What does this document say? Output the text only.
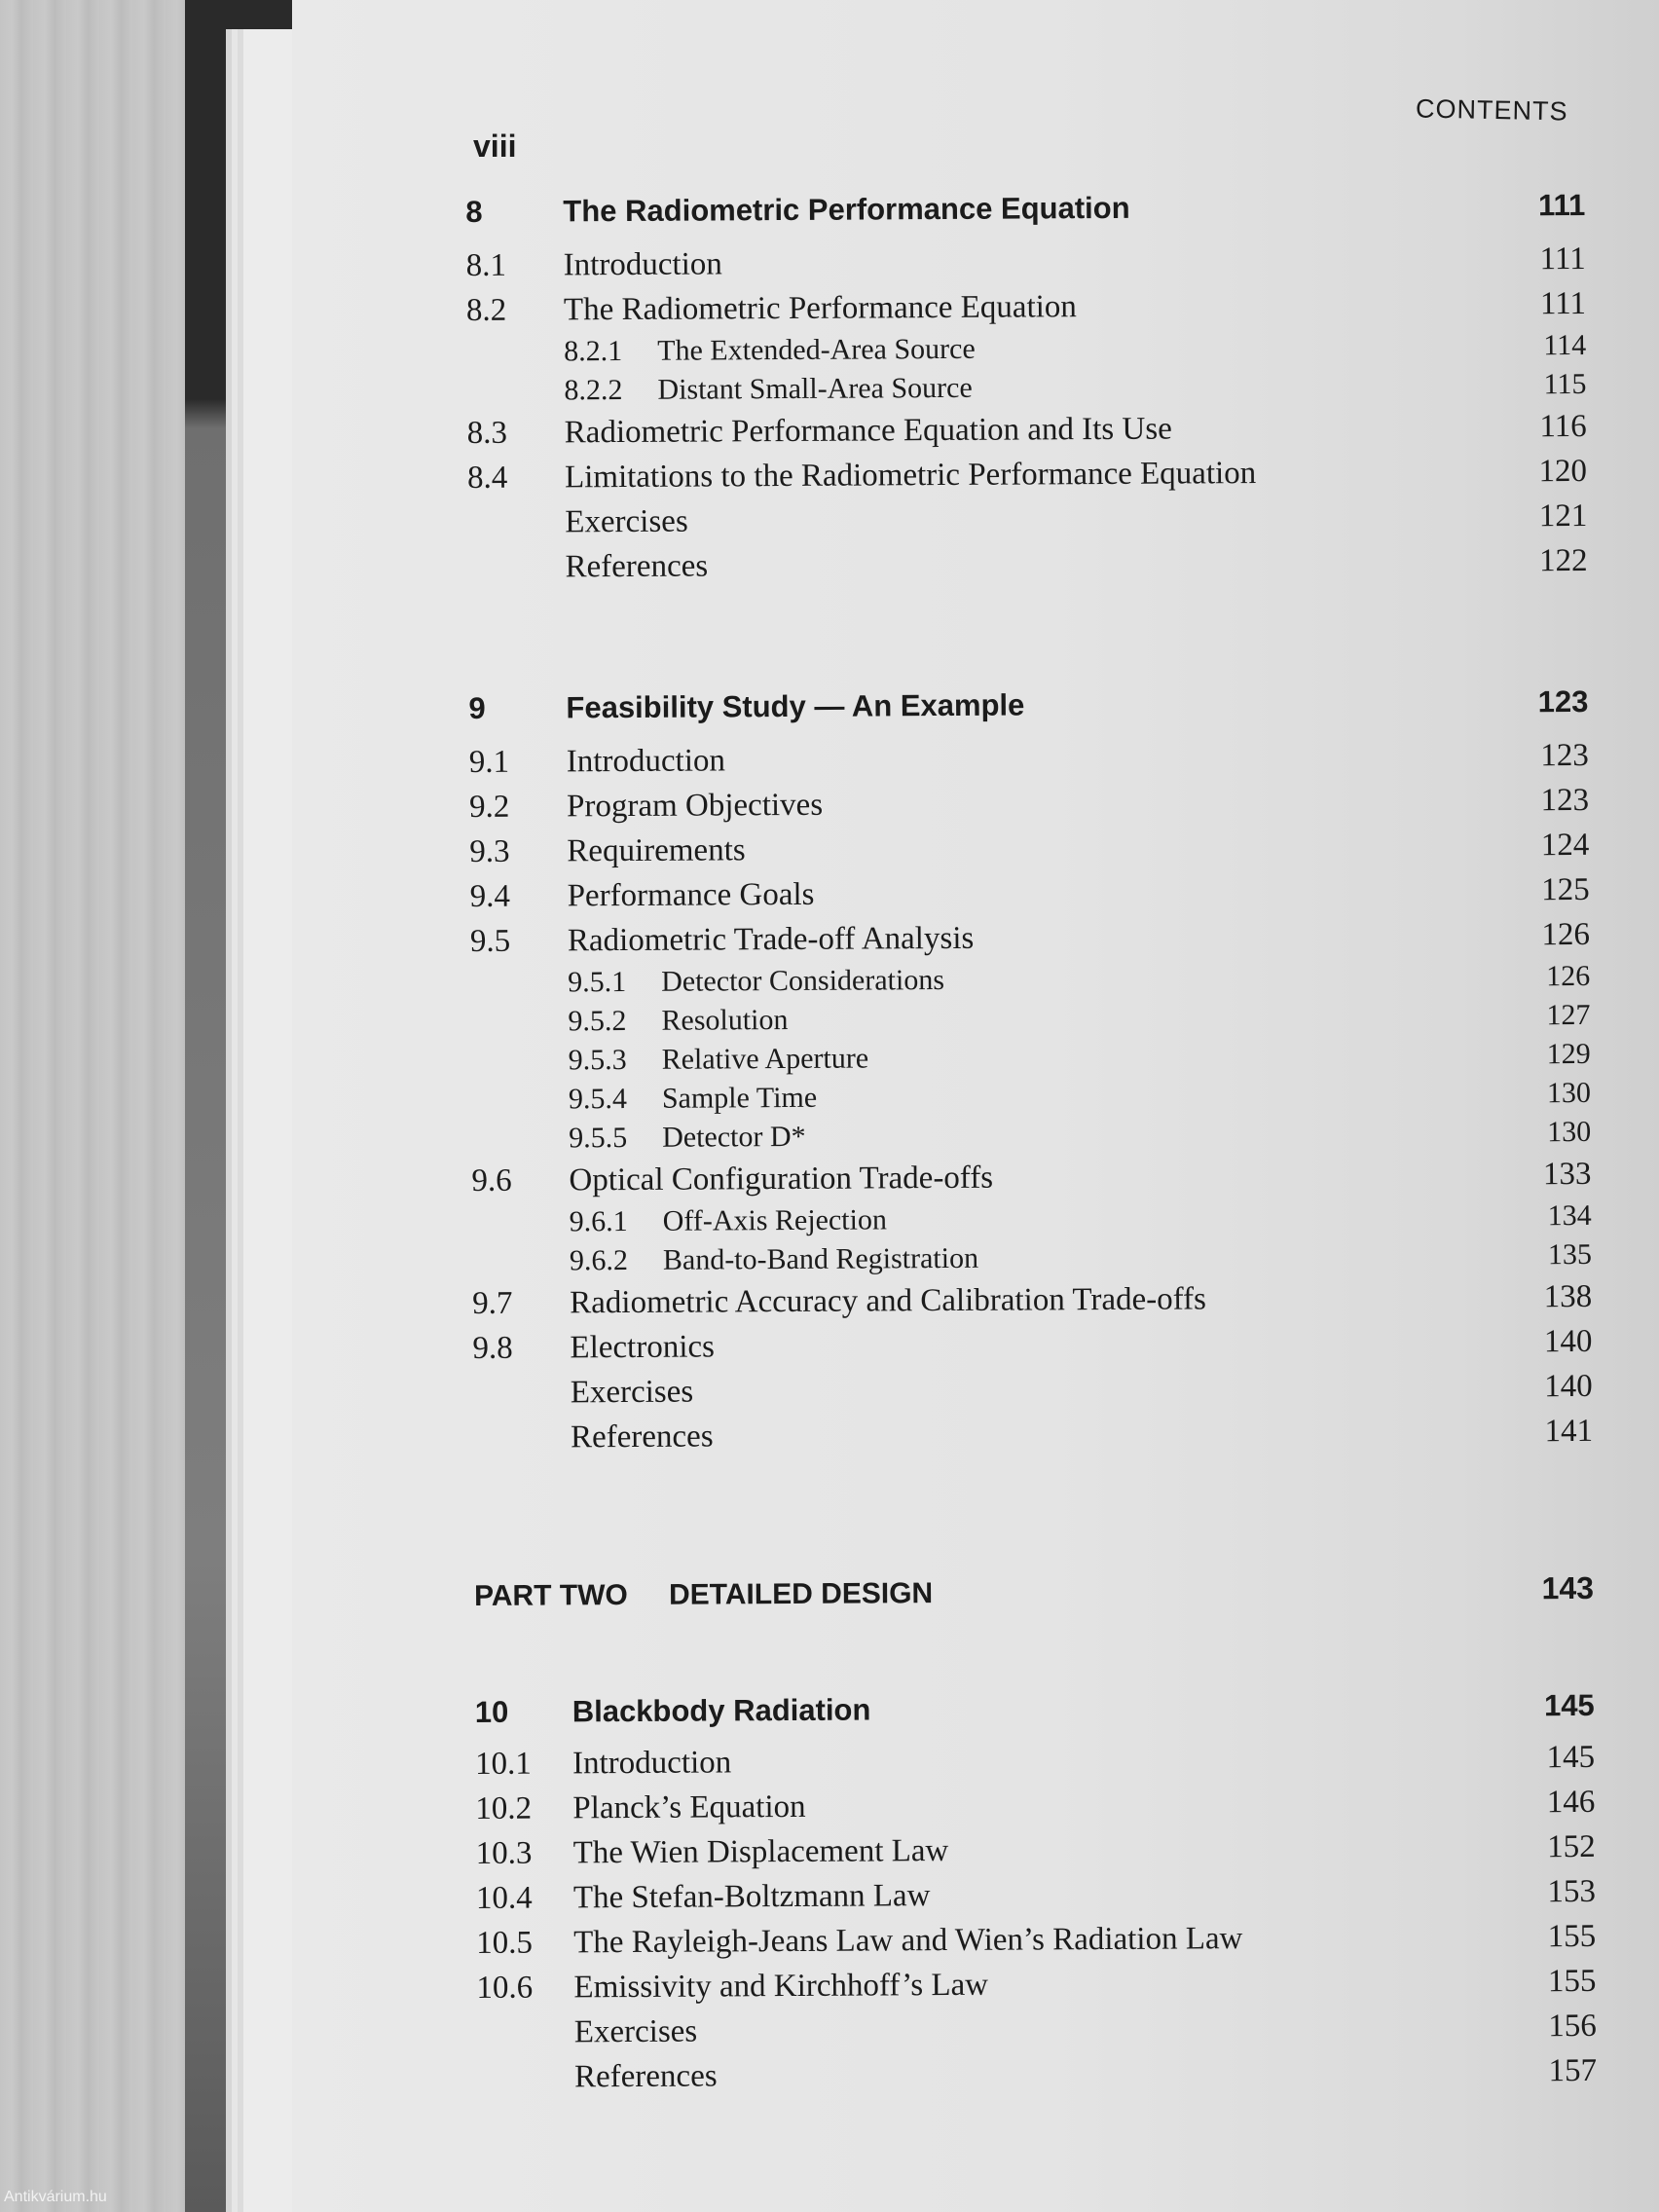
CONTENTS
viii
8	The Radiometric Performance Equation	111
8.1	Introduction	111
8.2	The Radiometric Performance Equation	111
8.2.1	The Extended-Area Source	114
8.2.2	Distant Small-Area Source	115
8.3	Radiometric Performance Equation and Its Use	116
8.4	Limitations to the Radiometric Performance Equation	120
Exercises	121
References	122
9	Feasibility Study — An Example	123
9.1	Introduction	123
9.2	Program Objectives	123
9.3	Requirements	124
9.4	Performance Goals	125
9.5	Radiometric Trade-off Analysis	126
9.5.1	Detector Considerations	126
9.5.2	Resolution	127
9.5.3	Relative Aperture	129
9.5.4	Sample Time	130
9.5.5	Detector D*	130
9.6	Optical Configuration Trade-offs	133
9.6.1	Off-Axis Rejection	134
9.6.2	Band-to-Band Registration	135
9.7	Radiometric Accuracy and Calibration Trade-offs	138
9.8	Electronics	140
Exercises	140
References	141
PART TWO	DETAILED DESIGN	143
10	Blackbody Radiation	145
10.1	Introduction	145
10.2	Planck’s Equation	146
10.3	The Wien Displacement Law	152
10.4	The Stefan-Boltzmann Law	153
10.5	The Rayleigh-Jeans Law and Wien’s Radiation Law	155
10.6	Emissivity and Kirchhoff’s Law	155
Exercises	156
References	157
Antikvárium.hu
